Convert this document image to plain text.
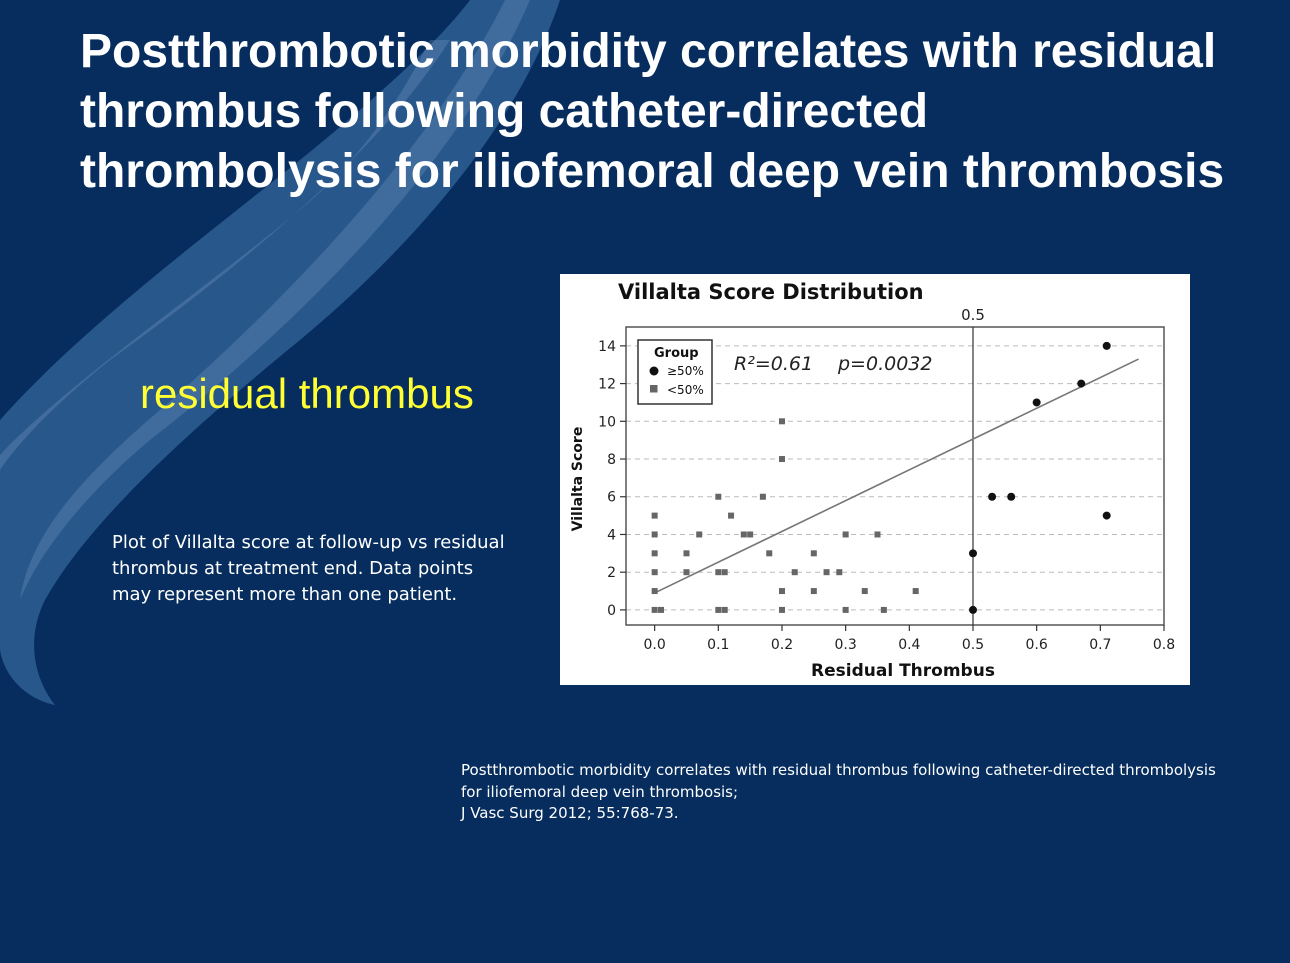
Postthrombotic morbidity correlates with residual thrombus following catheter-directed thrombolysis for iliofemoral deep vein thrombosis

residual thrombus

Plot of Villalta score at follow-up vs residual thrombus at treatment end. Data points may represent more than one patient.

Postthrombotic morbidity correlates with residual thrombus following catheter-directed thrombolysis
for iliofemoral deep vein thrombosis;
J Vasc Surg 2012; 55:768-73.
Villalta Score Distribution
0.5
0.0	0.1	0.2	0.3	0.4	0.5	0.6	0.7	0.8
0
2
4
6
8
10
12
14
R²=0.61 p=0.0032
Group
≥50%
<50%
Residual Thrombus
Villalta Score
